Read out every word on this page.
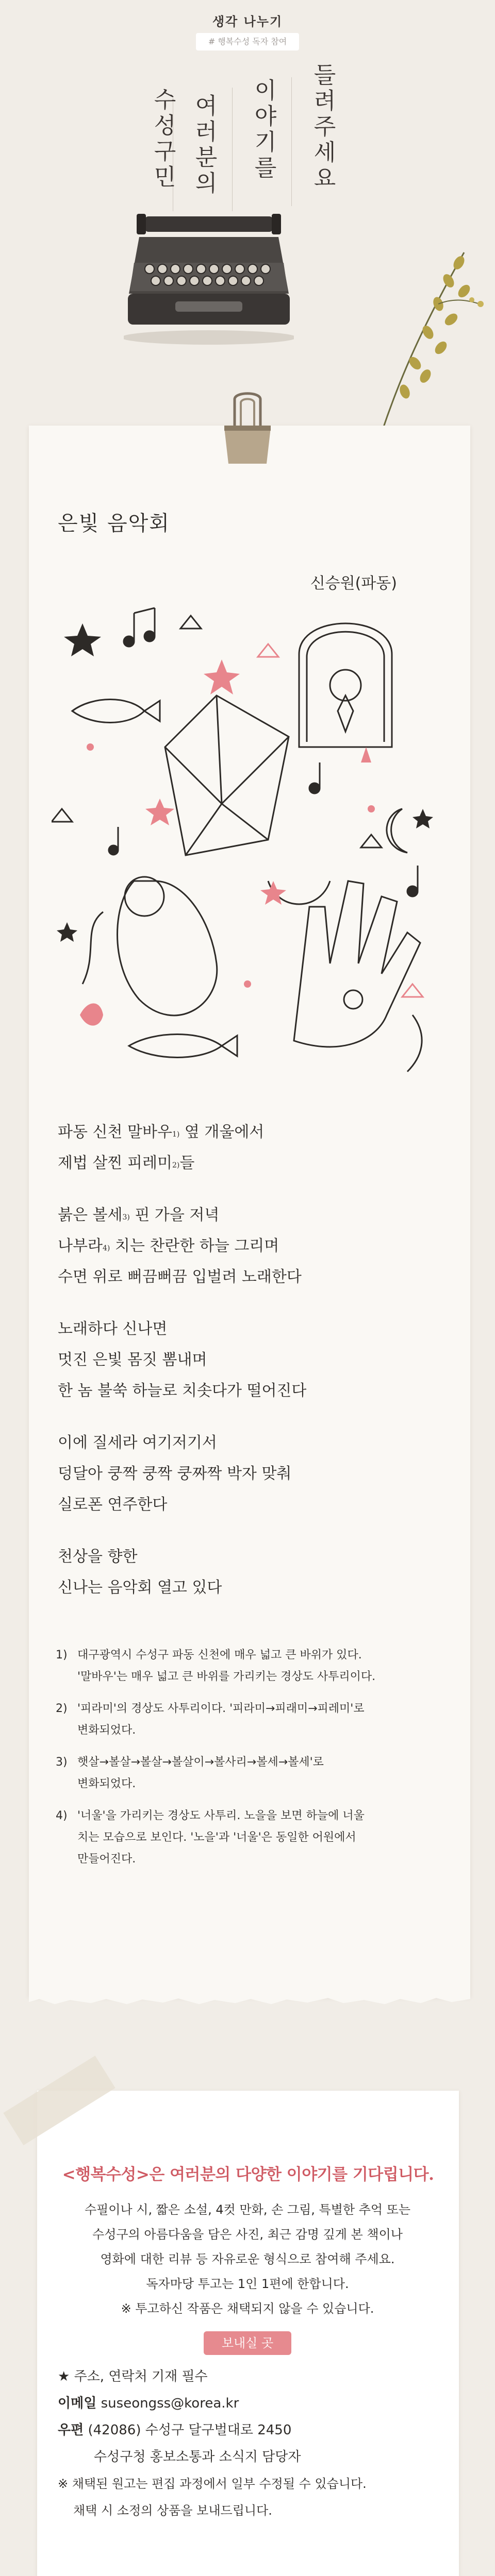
생각 나누기
# 행복수성 독자 참여
들려주세요
이야기를
여러분의
수성구민
은빛 음악회
신승원(파동)
파동 신천 말바우$^{1)}$ 옆 개울에서
제법 살찐 피레미$^{2)}$들
붉은 볼세$^{3)}$ 핀 가을 저녁
나부라$^{4)}$ 치는 찬란한 하늘 그리며
수면 위로 뻐끔뻐끔 입벌려 노래한다
노래하다 신나면
멋진 은빛 몸짓 뽐내며
한 놈 불쑥 하늘로 치솟다가 떨어진다
이에 질세라 여기저기서
덩달아 쿵짝 쿵짝 쿵짜짝 박자 맞춰
실로폰 연주한다
천상을 향한
신나는 음악회 열고 있다
1) 대구광역시 수성구 파동 신천에 매우 넓고 큰 바위가 있다.
'말바우'는 매우 넓고 큰 바위를 가리키는 경상도 사투리이다.
2) '피라미'의 경상도 사투리이다. '피라미→피래미→피레미'로
변화되었다.
3) 햇살→볼살→볼살→볼살이→볼사리→볼세→볼세'로
변화되었다.
4) '너울'을 가리키는 경상도 사투리. 노을을 보면 하늘에 너울
치는 모습으로 보인다. '노을'과 '너울'은 동일한 어원에서
만들어진다.
<행복수성>은 여러분의 다양한 이야기를 기다립니다.
수필이나 시, 짧은 소설, 4컷 만화, 손 그림, 특별한 추억 또는
수성구의 아름다움을 담은 사진, 최근 감명 깊게 본 책이나
영화에 대한 리뷰 등 자유로운 형식으로 참여해 주세요.
독자마당 투고는 1인 1편에 한합니다.
※ 투고하신 작품은 채택되지 않을 수 있습니다.
보내실 곳
★ 주소, 연락처 기재 필수
이메일 suseongss@korea.kr
우편 (42086) 수성구 달구벌대로 2450
수성구청 홍보소통과 소식지 담당자
※ 채택된 원고는 편집 과정에서 일부 수정될 수 있습니다.
채택 시 소정의 상품을 보내드립니다.
